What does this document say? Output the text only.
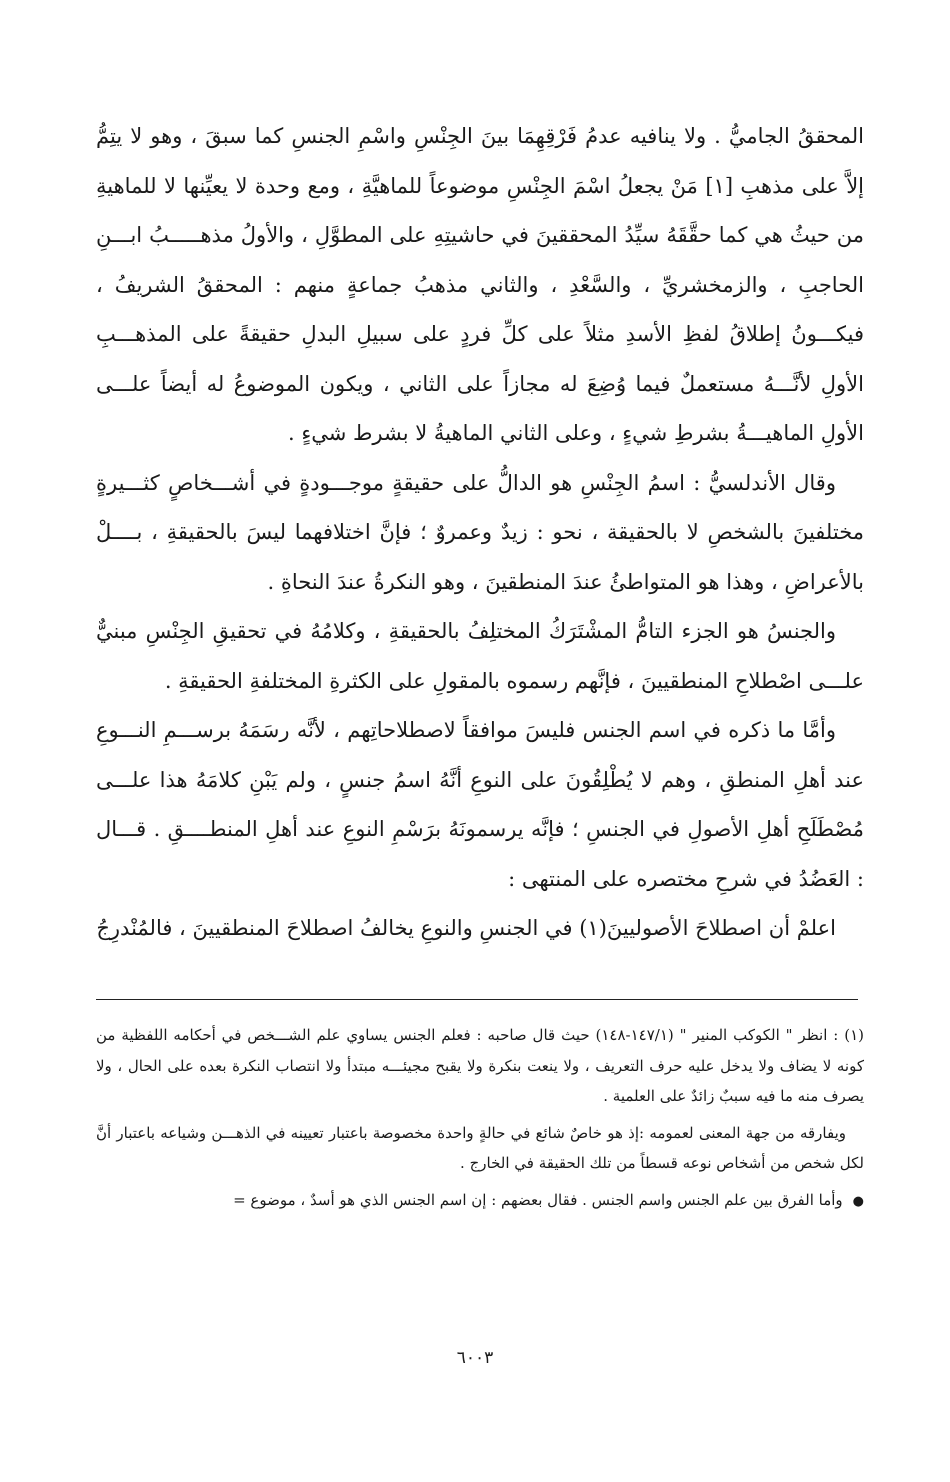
المحققُ الجاميُّ . ولا ينافيه عدمُ فَرْقِهِمَا بينَ الجِنْسِ واسْمِ الجنسِ كما سبقَ ، وهو لا يتِمُّ إلاَّ على مذهبِ [١] مَنْ يجعلُ اسْمَ الجِنْسِ موضوعاً للماهيَّةِ ، ومع وحدة لا يعيِّنها لا للماهيةِ من حيثُ هي كما حقَّقَهُ سيِّدُ المحققينَ في حاشيتِهِ على المطوَّلِ ، والأولُ مذهـــــبُ ابـــنِ الحاجبِ ، والزمخشريِّ ، والسَّعْدِ ، والثاني مذهبُ جماعةٍ منهم : المحققُ الشريفُ ، فيكـــونُ إطلاقُ لفظِ الأسدِ مثلاً على كلِّ فردٍ على سبيلِ البدلِ حقيقةً على المذهـــبِ الأولِ لأنَّـــهُ مستعملٌ فيما وُضِعَ له مجازاً على الثاني ، ويكون الموضوعُ له أيضاً علـــى الأولِ الماهيـــةُ بشرطِ شيءٍ ، وعلى الثاني الماهيةُ لا بشرط شيءٍ .

وقال الأندلسيُّ : اسمُ الجِنْسِ هو الدالُّ على حقيقةٍ موجـــودةٍ في أشـــخاصٍ كثـــيرةٍ مختلفينَ بالشخصِ لا بالحقيقة ، نحو : زيدٌ وعمروٌ ؛ فإنَّ اختلافهما ليسَ بالحقيقةِ ، بــــلْ بالأعراضِ ، وهذا هو المتواطئُ عندَ المنطقينَ ، وهو النكرةُ عندَ النحاةِ .

والجنسُ هو الجزء التامُّ المشْتَرَكُ المختلِفُ بالحقيقةِ ، وكلامُهُ في تحقيقِ الجِنْسِ مبنيٌّ علـــى اصْطلاحِ المنطقيينَ ، فإنَّهم رسموه بالمقولِ على الكثرةِ المختلفةِ الحقيقةِ .

وأمَّا ما ذكره في اسم الجنس فليسَ موافقاً لاصطلاحاتِهم ، لأنَّه رسَمَهُ برســـمِ النـــوعِ عند أهلِ المنطقِ ، وهم لا يُطْلِقُونَ على النوعِ أنَّهُ اسمُ جنسٍ ، ولم يَبْنِ كلامَهُ هذا علـــى مُصْطَلَحِ أهلِ الأصولِ في الجنسِ ؛ فإنَّه يرسمونَهُ برَسْمِ النوعِ عند أهلِ المنطــــقِ . قـــال : العَضُدُ في شرحِ مختصره على المنتهى :

اعلمْ أن اصطلاحَ الأصوليينَ(١) في الجنسِ والنوعِ يخالفُ اصطلاحَ المنطقيينَ ، فالمُنْدرِجُ

(١) : انظر " الكوكب المنير " (١٤٧/١-١٤٨) حيث قال صاحبه : فعلم الجنس يساوي علم الشـــخص في أحكامه اللفظية من كونه لا يضاف ولا يدخل عليه حرف التعريف ، ولا ينعت بنكرة ولا يقبح مجيئـــه مبتدأ ولا انتصاب النكرة بعده على الحال ، ولا يصرف منه ما فيه سببٌ زائدٌ على العلمية .

ويفارقه من جهة المعنى لعمومه :إذ هو خاصٌ شائع في حالةٍ واحدة مخصوصة باعتبار تعيينه في الذهـــن وشياعه باعتبار أنَّ لكل شخص من أشخاص نوعه قسطاً من تلك الحقيقة في الخارج .

●وأما الفرق بين علم الجنس واسم الجنس . فقال بعضهم : إن اسم الجنس الذي هو أسدٌ ، موضوع =

٦٠٠٣
